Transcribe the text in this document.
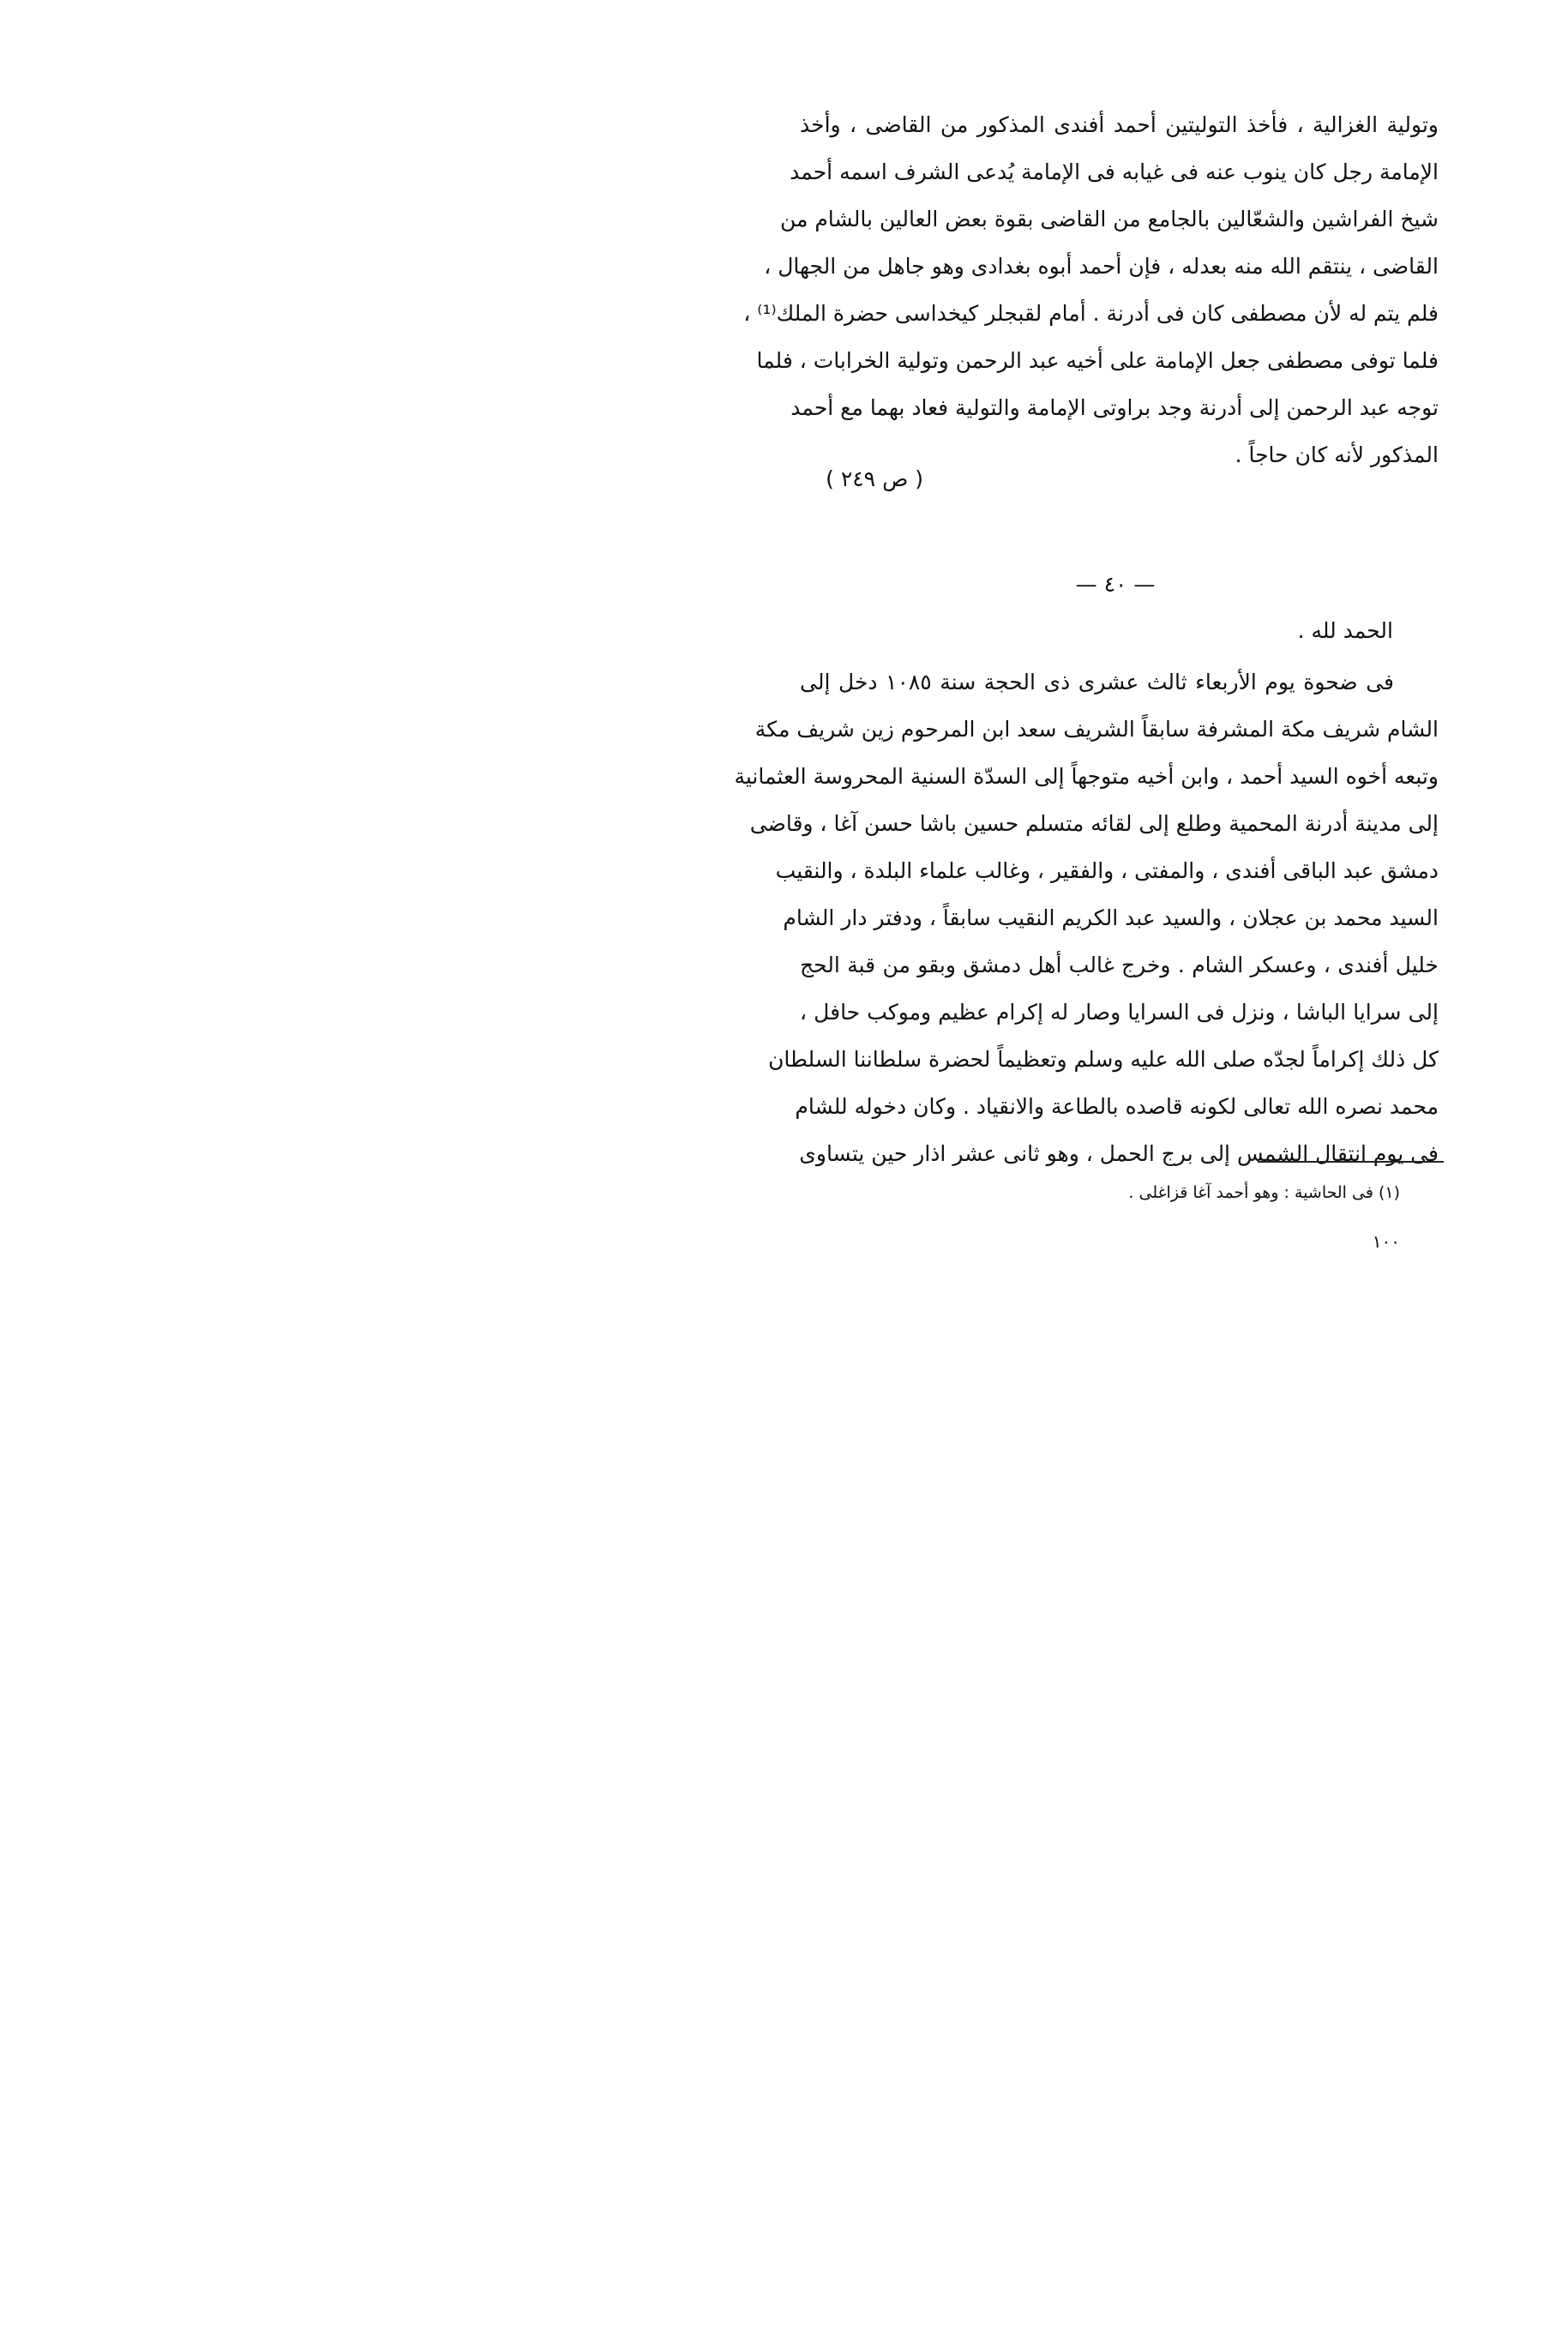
وتولية الغزالية ، فأخذ التوليتين أحمد أفندى المذكور من القاضى ، وأخذ
الإمامة رجل كان ينوب عنه فى غيابه فى الإمامة يُدعى الشرف اسمه أحمد
شيخ الفراشين والشعّالين بالجامع من القاضى بقوة بعض العالين بالشام من
القاضى ، ينتقم الله منه بعدله ، فإن أحمد أبوه بغدادى وهو جاهل من الجهال ،
فلم يتم له لأن مصطفى كان فى أدرنة . أمام لقبجلر كيخداسى حضرة الملك⁽¹⁾ ،
فلما توفى مصطفى جعل الإمامة على أخيه عبد الرحمن وتولية الخرابات ، فلما
توجه عبد الرحمن إلى أدرنة وجد براوتى الإمامة والتولية فعاد بهما مع أحمد
المذكور لأنه كان حاجاً .
( ص ٢٤٩ )
— ٤٠ —
الحمد لله .
فى ضحوة يوم الأربعاء ثالث عشرى ذى الحجة سنة ١٠٨٥ دخل إلى
الشام شريف مكة المشرفة سابقاً الشريف سعد ابن المرحوم زين شريف مكة
وتبعه أخوه السيد أحمد ، وابن أخيه متوجهاً إلى السدّة السنية المحروسة العثمانية
إلى مدينة أدرنة المحمية وطلع إلى لقائه متسلم حسين باشا حسن آغا ، وقاضى
دمشق عبد الباقى أفندى ، والمفتى ، والفقير ، وغالب علماء البلدة ، والنقيب
السيد محمد بن عجلان ، والسيد عبد الكريم النقيب سابقاً ، ودفتر دار الشام
خليل أفندى ، وعسكر الشام . وخرج غالب أهل دمشق وبقو من قبة الحج
إلى سرايا الباشا ، ونزل فى السرايا وصار له إكرام عظيم وموكب حافل ،
كل ذلك إكراماً لجدّه صلى الله عليه وسلم وتعظيماً لحضرة سلطاننا السلطان
محمد نصره الله تعالى لكونه قاصده بالطاعة والانقياد . وكان دخوله للشام
فى يوم انتقال الشمس إلى برج الحمل ، وهو ثانى عشر اذار حين يتساوى
(١) فى الحاشية : وهو أحمد آغا قزاغلى .
١٠٠
